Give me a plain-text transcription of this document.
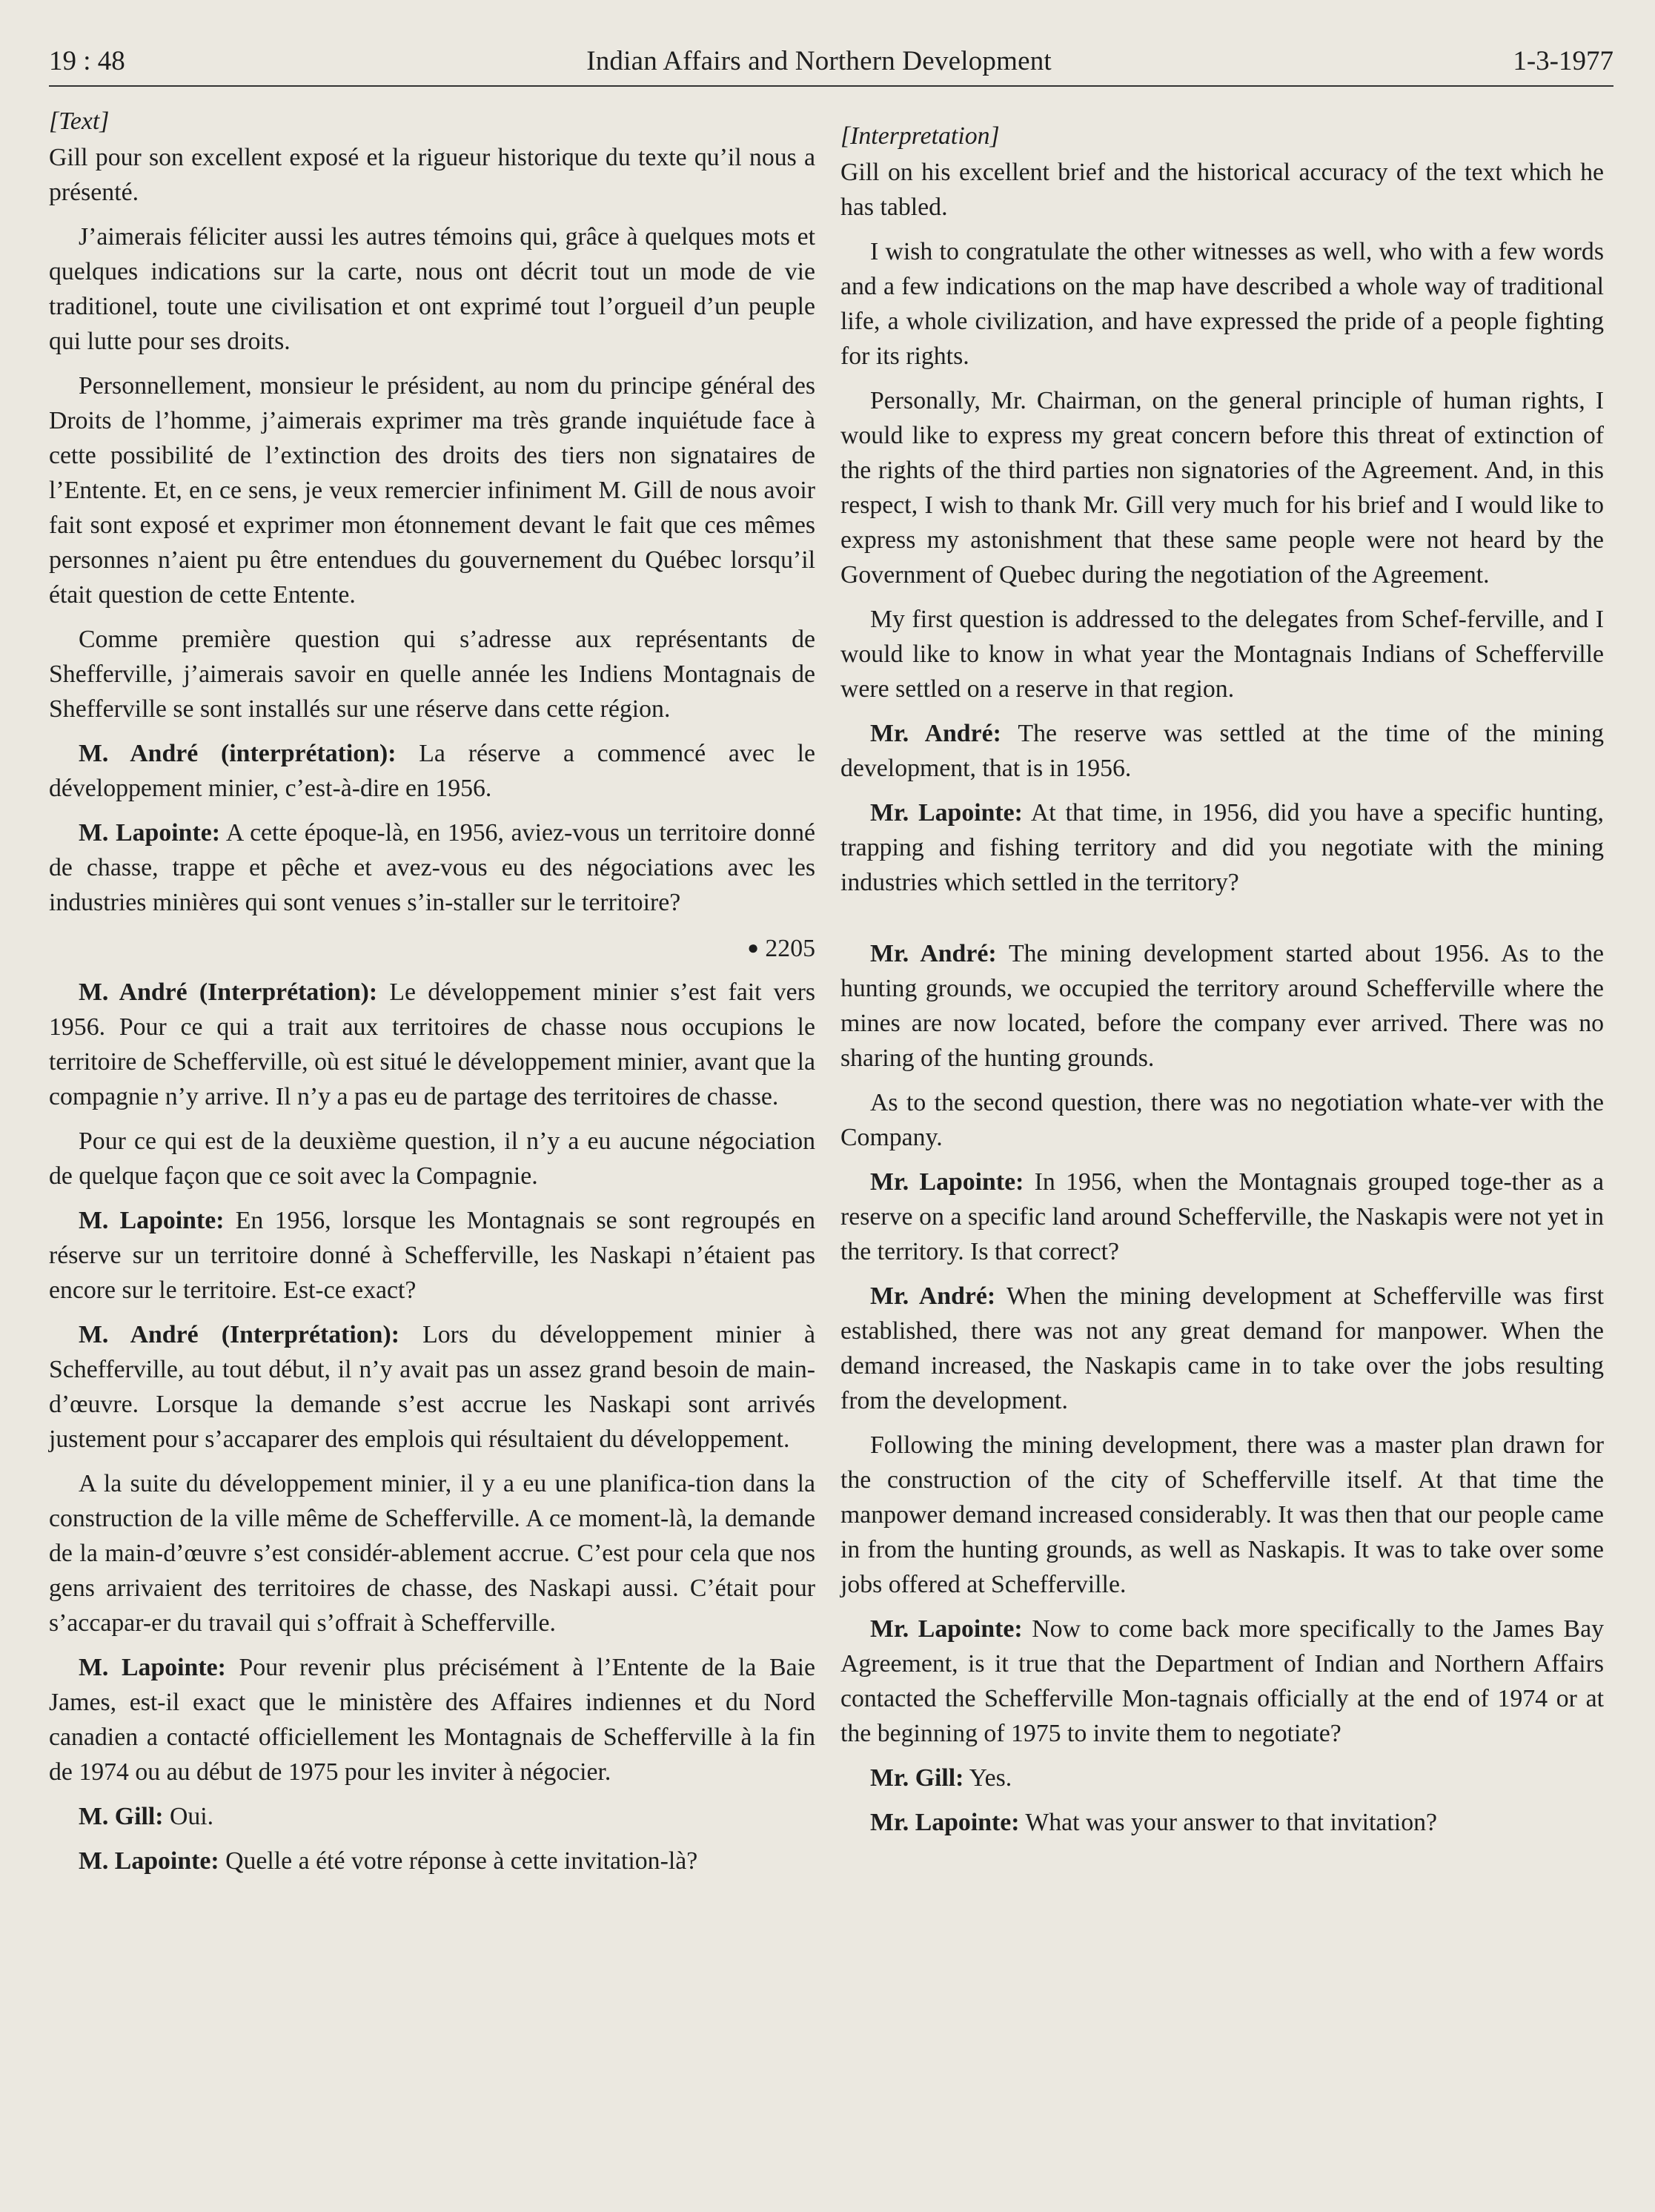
19 : 48	Indian Affairs and Northern Development	1-3-1977

[Text]

Gill pour son excellent exposé et la rigueur historique du texte qu’il nous a présenté.

J’aimerais féliciter aussi les autres témoins qui, grâce à quelques mots et quelques indications sur la carte, nous ont décrit tout un mode de vie traditionel, toute une civilisation et ont exprimé tout l’orgueil d’un peuple qui lutte pour ses droits.

Personnellement, monsieur le président, au nom du principe général des Droits de l’homme, j’aimerais exprimer ma très grande inquiétude face à cette possibilité de l’extinction des droits des tiers non signataires de l’Entente. Et, en ce sens, je veux remercier infiniment M. Gill de nous avoir fait sont exposé et exprimer mon étonnement devant le fait que ces mêmes personnes n’aient pu être entendues du gouvernement du Québec lorsqu’il était question de cette Entente.

Comme première question qui s’adresse aux représentants de Shefferville, j’aimerais savoir en quelle année les Indiens Montagnais de Shefferville se sont installés sur une réserve dans cette région.

M. André (interprétation): La réserve a commencé avec le développement minier, c’est-à-dire en 1956.

M. Lapointe: A cette époque-là, en 1956, aviez-vous un territoire donné de chasse, trappe et pêche et avez-vous eu des négociations avec les industries minières qui sont venues s’in-staller sur le territoire?

● 2205

M. André (Interprétation): Le développement minier s’est fait vers 1956. Pour ce qui a trait aux territoires de chasse nous occupions le territoire de Schefferville, où est situé le développement minier, avant que la compagnie n’y arrive. Il n’y a pas eu de partage des territoires de chasse.

Pour ce qui est de la deuxième question, il n’y a eu aucune négociation de quelque façon que ce soit avec la Compagnie.

M. Lapointe: En 1956, lorsque les Montagnais se sont regroupés en réserve sur un territoire donné à Schefferville, les Naskapi n’étaient pas encore sur le territoire. Est-ce exact?

M. André (Interprétation): Lors du développement minier à Schefferville, au tout début, il n’y avait pas un assez grand besoin de main-d’œuvre. Lorsque la demande s’est accrue les Naskapi sont arrivés justement pour s’accaparer des emplois qui résultaient du développement.

A la suite du développement minier, il y a eu une planifica-tion dans la construction de la ville même de Schefferville. A ce moment-là, la demande de la main-d’œuvre s’est considér-ablement accrue. C’est pour cela que nos gens arrivaient des territoires de chasse, des Naskapi aussi. C’était pour s’accapar-er du travail qui s’offrait à Schefferville.

M. Lapointe: Pour revenir plus précisément à l’Entente de la Baie James, est-il exact que le ministère des Affaires indiennes et du Nord canadien a contacté officiellement les Montagnais de Schefferville à la fin de 1974 ou au début de 1975 pour les inviter à négocier.

M. Gill: Oui.

M. Lapointe: Quelle a été votre réponse à cette invitation-là?

[Interpretation]

Gill on his excellent brief and the historical accuracy of the text which he has tabled.

I wish to congratulate the other witnesses as well, who with a few words and a few indications on the map have described a whole way of traditional life, a whole civilization, and have expressed the pride of a people fighting for its rights.

Personally, Mr. Chairman, on the general principle of human rights, I would like to express my great concern before this threat of extinction of the rights of the third parties non signatories of the Agreement. And, in this respect, I wish to thank Mr. Gill very much for his brief and I would like to express my astonishment that these same people were not heard by the Government of Quebec during the negotiation of the Agreement.

My first question is addressed to the delegates from Schef-ferville, and I would like to know in what year the Montagnais Indians of Schefferville were settled on a reserve in that region.

Mr. André: The reserve was settled at the time of the mining development, that is in 1956.

Mr. Lapointe: At that time, in 1956, did you have a specific hunting, trapping and fishing territory and did you negotiate with the mining industries which settled in the territory?

Mr. André: The mining development started about 1956. As to the hunting grounds, we occupied the territory around Schefferville where the mines are now located, before the company ever arrived. There was no sharing of the hunting grounds.

As to the second question, there was no negotiation whate-ver with the Company.

Mr. Lapointe: In 1956, when the Montagnais grouped toge-ther as a reserve on a specific land around Schefferville, the Naskapis were not yet in the territory. Is that correct?

Mr. André: When the mining development at Schefferville was first established, there was not any great demand for manpower. When the demand increased, the Naskapis came in to take over the jobs resulting from the development.

Following the mining development, there was a master plan drawn for the construction of the city of Schefferville itself. At that time the manpower demand increased considerably. It was then that our people came in from the hunting grounds, as well as Naskapis. It was to take over some jobs offered at Schefferville.

Mr. Lapointe: Now to come back more specifically to the James Bay Agreement, is it true that the Department of Indian and Northern Affairs contacted the Schefferville Mon-tagnais officially at the end of 1974 or at the beginning of 1975 to invite them to negotiate?

Mr. Gill: Yes.

Mr. Lapointe: What was your answer to that invitation?
